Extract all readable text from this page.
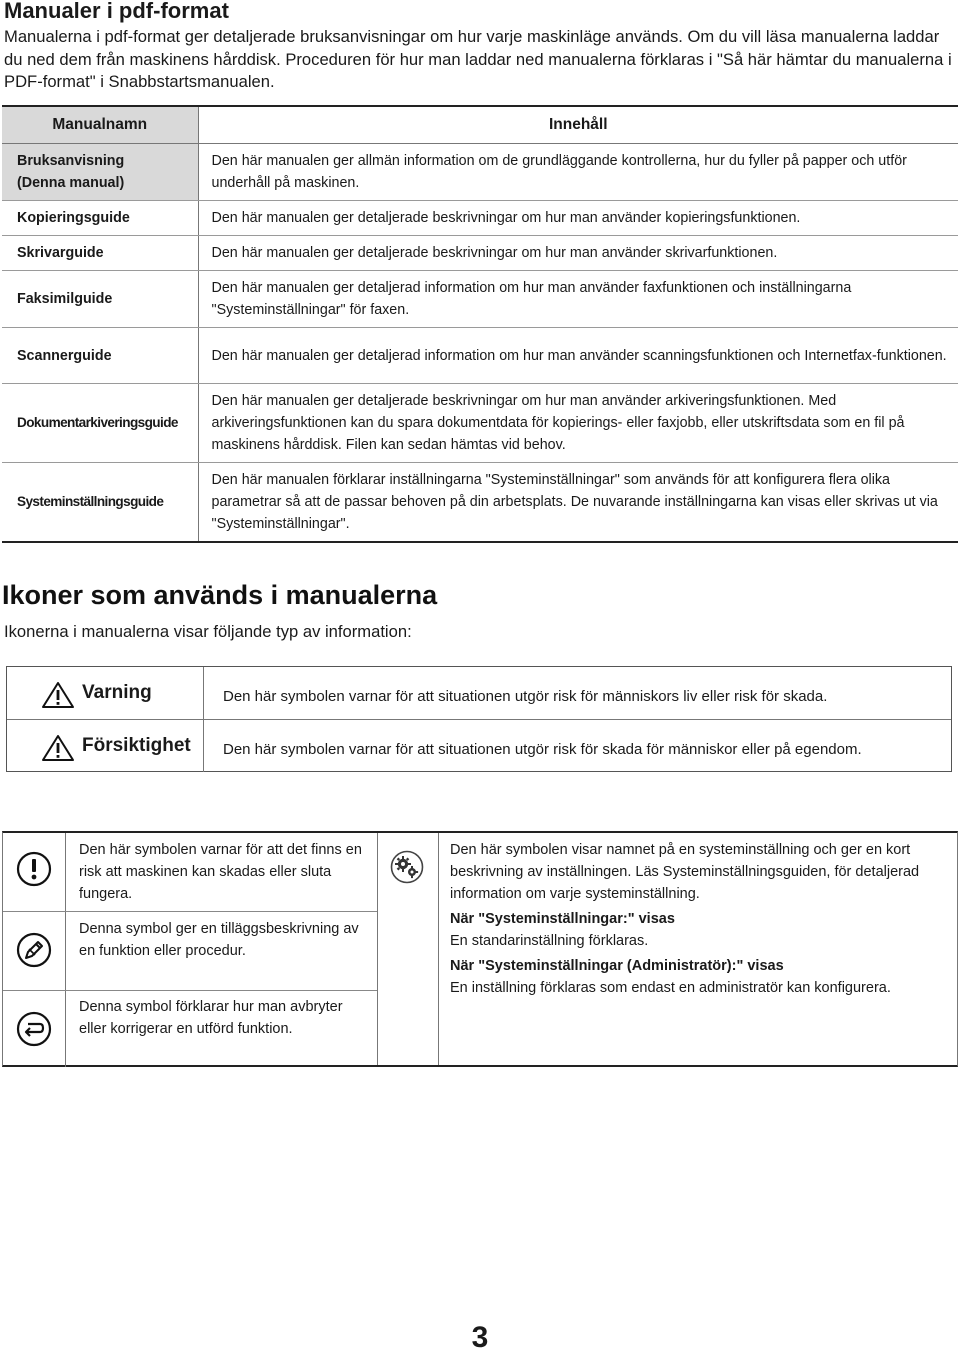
Manualer i pdf-format
Manualerna i pdf-format ger detaljerade bruksanvisningar om hur varje maskinläge används. Om du vill läsa manualerna laddar du ned dem från maskinens hårddisk. Proceduren för hur man laddar ned manualerna förklaras i "Så här hämtar du manualerna i PDF-format" i Snabbstartsmanualen.
Manualnamn	Innehåll
Bruksanvisning
(Denna manual)	Den här manualen ger allmän information om de grundläggande kontrollerna, hur du fyller på papper och utför underhåll på maskinen.
Kopieringsguide	Den här manualen ger detaljerade beskrivningar om hur man använder kopieringsfunktionen.
Skrivarguide	Den här manualen ger detaljerade beskrivningar om hur man använder skrivarfunktionen.
Faksimilguide	Den här manualen ger detaljerad information om hur man använder faxfunktionen och inställningarna "Systeminställningar" för faxen.
Scannerguide	Den här manualen ger detaljerad information om hur man använder scanningsfunktionen och Internetfax-funktionen.
Dokumentarkiveringsguide	Den här manualen ger detaljerade beskrivningar om hur man använder arkiveringsfunktionen. Med arkiveringsfunktionen kan du spara dokumentdata för kopierings- eller faxjobb, eller utskriftsdata som en fil på maskinens hårddisk. Filen kan sedan hämtas vid behov.
Systeminställningsguide	Den här manualen förklarar inställningarna "Systeminställningar" som används för att konfigurera flera olika parametrar så att de passar behoven på din arbetsplats. De nuvarande inställningarna kan visas eller skrivas ut via "Systeminställningar".
Ikoner som används i manualerna
Ikonerna i manualerna visar följande typ av information:
Varning	Den här symbolen varnar för att situationen utgör risk för människors liv eller risk för skada.
Försiktighet Den här symbolen varnar för att situationen utgör risk för skada för människor eller på egendom.
Den här symbolen varnar för att det finns en risk att maskinen kan skadas eller sluta fungera.
Denna symbol ger en tilläggsbeskrivning av en funktion eller procedur.
Denna symbol förklarar hur man avbryter eller korrigerar en utförd funktion.
Den här symbolen visar namnet på en systeminställning och ger en kort beskrivning av inställningen. Läs Systeminställningsguiden, för detaljerad information om varje systeminställning.
När "Systeminställningar:" visas
En standarinställning förklaras.
När "Systeminställningar (Administratör):" visas
En inställning förklaras som endast en administratör kan konfigurera.
3
